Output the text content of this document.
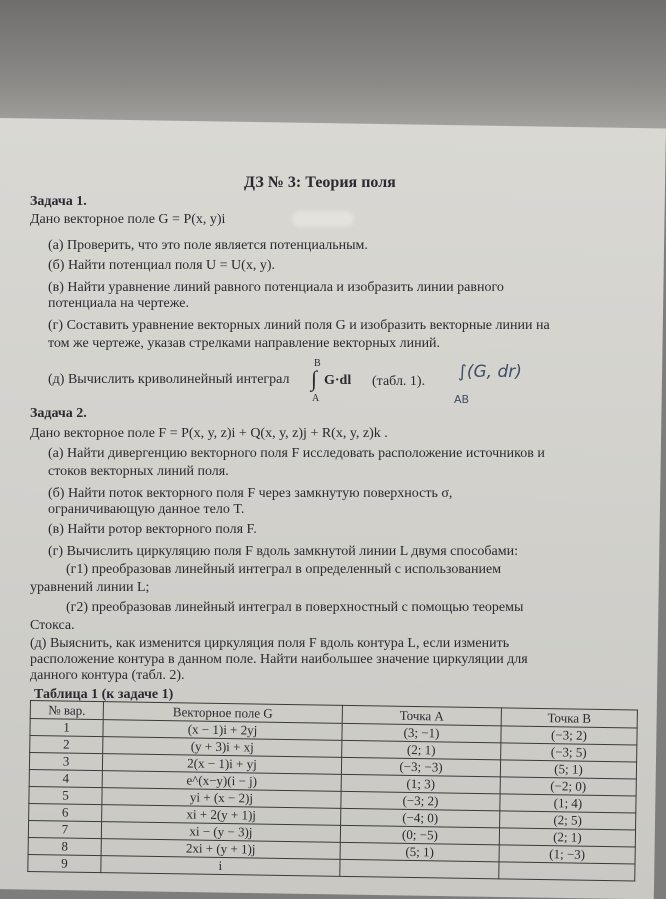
ДЗ № 3: Теория поля
Задача 1.
Дано векторное поле G = P(x, y)i
(а) Проверить, что это поле является потенциальным.
(б) Найти потенциал поля U = U(x, y).
(в) Найти уравнение линий равного потенциала и изобразить линии равного
потенциала на чертеже.
(г) Составить уравнение векторных линий поля G и изобразить векторные линии на
том же чертеже, указав стрелками направление векторных линий.
(д) Вычислить криволинейный интеграл
B
∫
A
G·dl (табл. 1). ∫(G, dr)
AB
Задача 2.
Дано векторное поле F = P(x, y, z)i + Q(x, y, z)j + R(x, y, z)k .
(а) Найти дивергенцию векторного поля F исследовать расположение источников и
стоков векторных линий поля.
(б) Найти поток векторного поля F через замкнутую поверхность σ,
ограничивающую данное тело T.
(в) Найти ротор векторного поля F.
(г) Вычислить циркуляцию поля F вдоль замкнутой линии L двумя способами:
(г1) преобразовав линейный интеграл в определенный с использованием
уравнений линии L;
(г2) преобразовав линейный интеграл в поверхностный с помощью теоремы
Стокса.
(д) Выяснить, как изменится циркуляция поля F вдоль контура L, если изменить
расположение контура в данном поле. Найти наибольшее значение циркуляции для
данного контура (табл. 2).
Таблица 1 (к задаче 1)
№ вар.	Векторное поле G	Точка A	Точка B
1	(x − 1)i + 2yj	(3; −1)	(−3; 2)
2	(y + 3)i + xj	(2; 1)	(−3; 5)
3	2(x − 1)i + yj	(−3; −3)	(5; 1)
4	e^(x−y)(i − j)	(1; 3)	(−2; 0)
5	yi + (x − 2)j	(−3; 2)	(1; 4)
6	xi + 2(y + 1)j	(−4; 0)	(2; 5)
7	xi − (y − 3)j	(0; −5)	(2; 1)
8	2xi + (y + 1)j	(5; 1)	(1; −3)
9	i		
